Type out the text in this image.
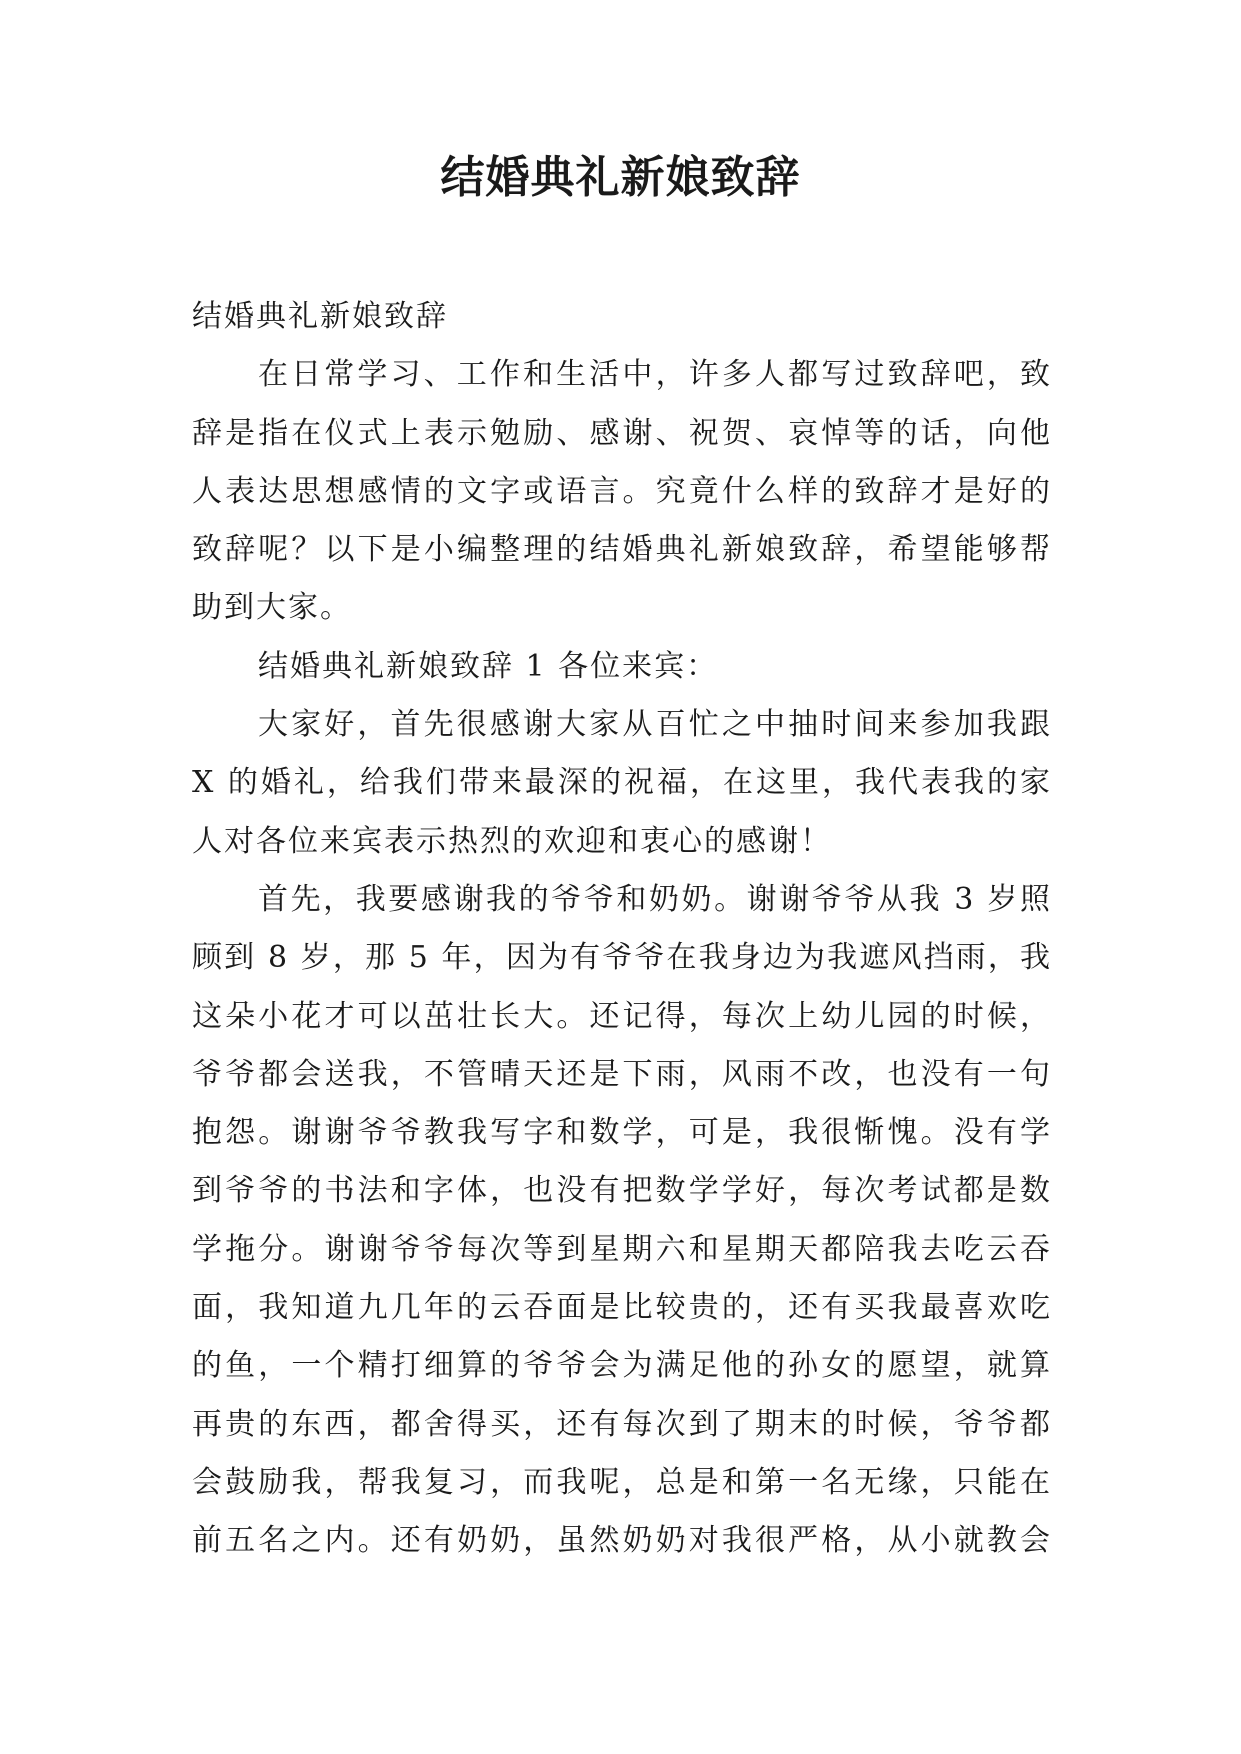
结婚典礼新娘致辞
结婚典礼新娘致辞
在日常学习、工作和生活中，许多人都写过致辞吧，致
辞是指在仪式上表示勉励、感谢、祝贺、哀悼等的话，向他
人表达思想感情的文字或语言。究竟什么样的致辞才是好的
致辞呢？以下是小编整理的结婚典礼新娘致辞，希望能够帮
助到大家。
结婚典礼新娘致辞 1 各位来宾：
大家好，首先很感谢大家从百忙之中抽时间来参加我跟
X 的婚礼，给我们带来最深的祝福，在这里，我代表我的家
人对各位来宾表示热烈的欢迎和衷心的感谢！
首先，我要感谢我的爷爷和奶奶。谢谢爷爷从我 3 岁照
顾到 8 岁，那 5 年，因为有爷爷在我身边为我遮风挡雨，我
这朵小花才可以茁壮长大。还记得，每次上幼儿园的时候，
爷爷都会送我，不管晴天还是下雨，风雨不改，也没有一句
抱怨。谢谢爷爷教我写字和数学，可是，我很惭愧。没有学
到爷爷的书法和字体，也没有把数学学好，每次考试都是数
学拖分。谢谢爷爷每次等到星期六和星期天都陪我去吃云吞
面，我知道九几年的云吞面是比较贵的，还有买我最喜欢吃
的鱼，一个精打细算的爷爷会为满足他的孙女的愿望，就算
再贵的东西，都舍得买，还有每次到了期末的时候，爷爷都
会鼓励我，帮我复习，而我呢，总是和第一名无缘，只能在
前五名之内。还有奶奶，虽然奶奶对我很严格，从小就教会
